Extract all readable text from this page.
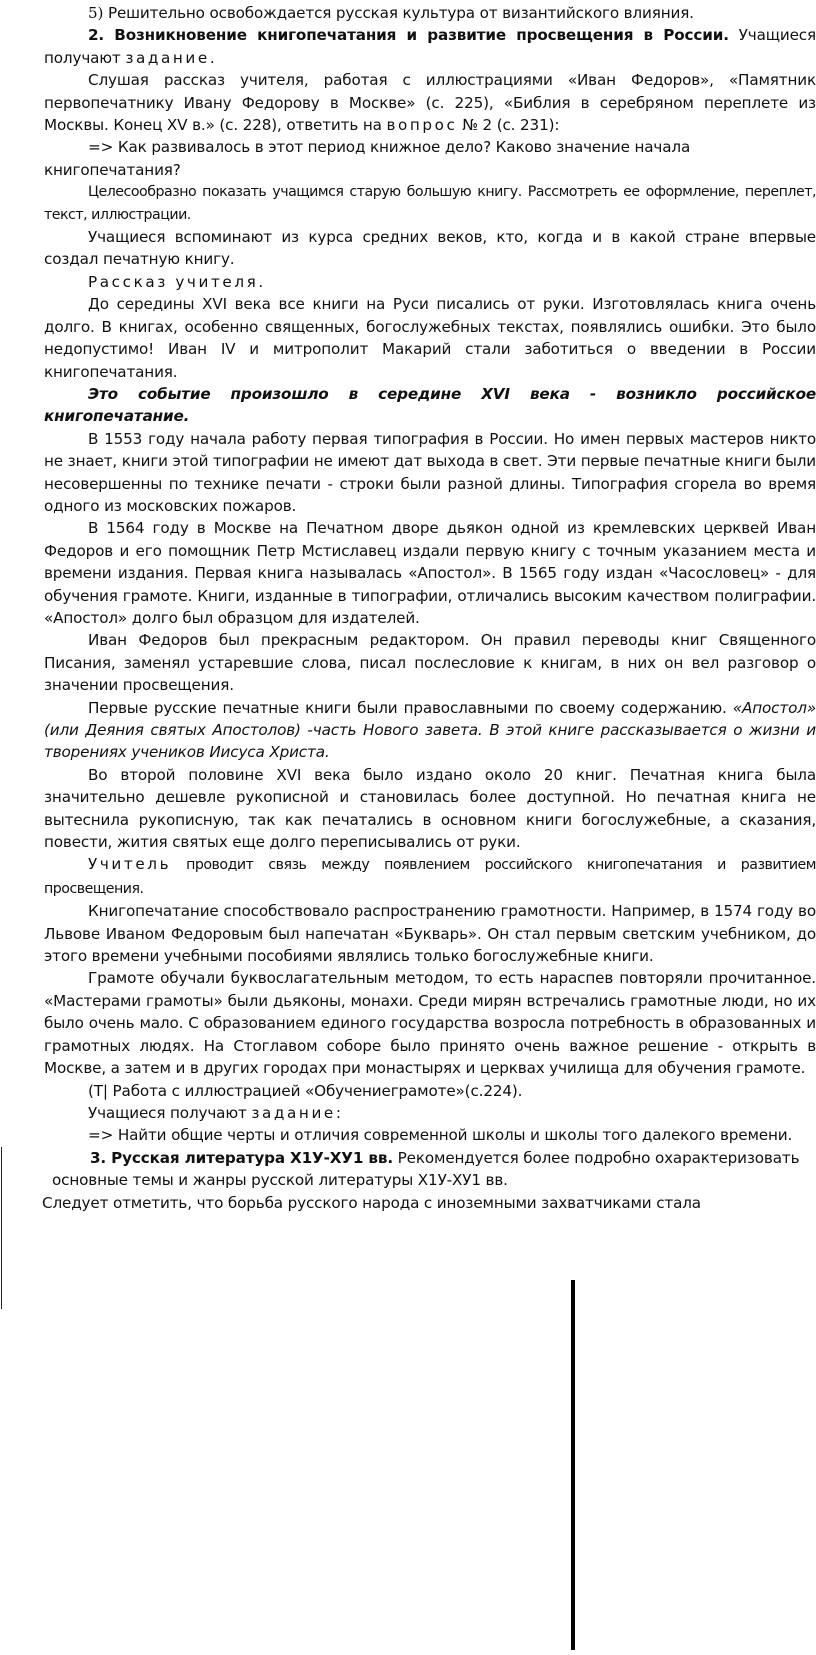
5) Решительно освобождается русская культура от византийского влияния.

2. Возникновение книгопечатания и развитие просвещения в России. Учащиеся получают задание.

Слушая рассказ учителя, работая с иллюстрациями «Иван Федоров», «Памятник первопечатнику Ивану Федорову в Москве» (с. 225), «Библия в серебряном переплете из Москвы. Конец XV в.» (с. 228), ответить на вопрос № 2 (с. 231):

=> Как развивалось в этот период книжное дело? Каково значение начала книгопечатания?

Целесообразно показать учащимся старую большую книгу. Рассмотреть ее оформление, переплет, текст, иллюстрации.

Учащиеся вспоминают из курса средних веков, кто, когда и в какой стране впервые создал печатную книгу.

Рассказ учителя.

До середины XVI века все книги на Руси писались от руки. Изготовлялась книга очень долго. В книгах, особенно священных, богослужебных текстах, появлялись ошибки. Это было недопустимо! Иван IV и митрополит Макарий стали заботиться о введении в России книгопечатания.

Это событие произошло в середине XVI века - возникло российское книгопечатание.

В 1553 году начала работу первая типография в России. Но имен первых мастеров никто не знает, книги этой типографии не имеют дат выхода в свет. Эти первые печатные книги были несовершенны по технике печати - строки были разной длины. Типография сгорела во время одного из московских пожаров.

В 1564 году в Москве на Печатном дворе дьякон одной из кремлевских церквей Иван Федоров и его помощник Петр Мстиславец издали первую книгу с точным указанием места и времени издания. Первая книга называлась «Апостол». В 1565 году издан «Часословец» - для обучения грамоте. Книги, изданные в типографии, отличались высоким качеством полиграфии. «Апостол» долго был образцом для издателей.

Иван Федоров был прекрасным редактором. Он правил переводы книг Священного Писания, заменял устаревшие слова, писал послесловие к книгам, в них он вел разговор о значении просвещения.

Первые русские печатные книги были православными по своему содержанию. «Апостол» (или Деяния святых Апостолов) -часть Нового завета. В этой книге рассказывается о жизни и творениях учеников Иисуса Христа.

Во второй половине XVI века было издано около 20 книг. Печатная книга была значительно дешевле рукописной и становилась более доступной. Но печатная книга не вытеснила рукописную, так как печатались в основном книги богослужебные, а сказания, повести, жития святых еще долго переписывались от руки.

Учитель проводит связь между появлением российского книгопечатания и развитием просвещения.

Книгопечатание способствовало распространению грамотности. Например, в 1574 году во Львове Иваном Федоровым был напечатан «Букварь». Он стал первым светским учебником, до этого времени учебными пособиями являлись только богослужебные книги.

Грамоте обучали буквослагательным методом, то есть нараспев повторяли прочитанное. «Мастерами грамоты» были дьяконы, монахи. Среди мирян встречались грамотные люди, но их было очень мало. С образованием единого государства возросла потребность в образованных и грамотных людях. На Стоглавом соборе было принято очень важное решение - открыть в Москве, а затем и в других городах при монастырях и церквах училища для обучения грамоте.

(Т| Работа с иллюстрацией «Обучениеграмоте»(с.224).

Учащиеся получают задание:

=> Найти общие черты и отличия современной школы и школы того далекого времени.

3. Русская литература Х1У-ХУ1 вв. Рекомендуется более подробно охарактеризовать основные темы и жанры русской литературы Х1У-ХУ1 вв.

Следует отметить, что борьба русского народа с иноземными захватчиками стала
